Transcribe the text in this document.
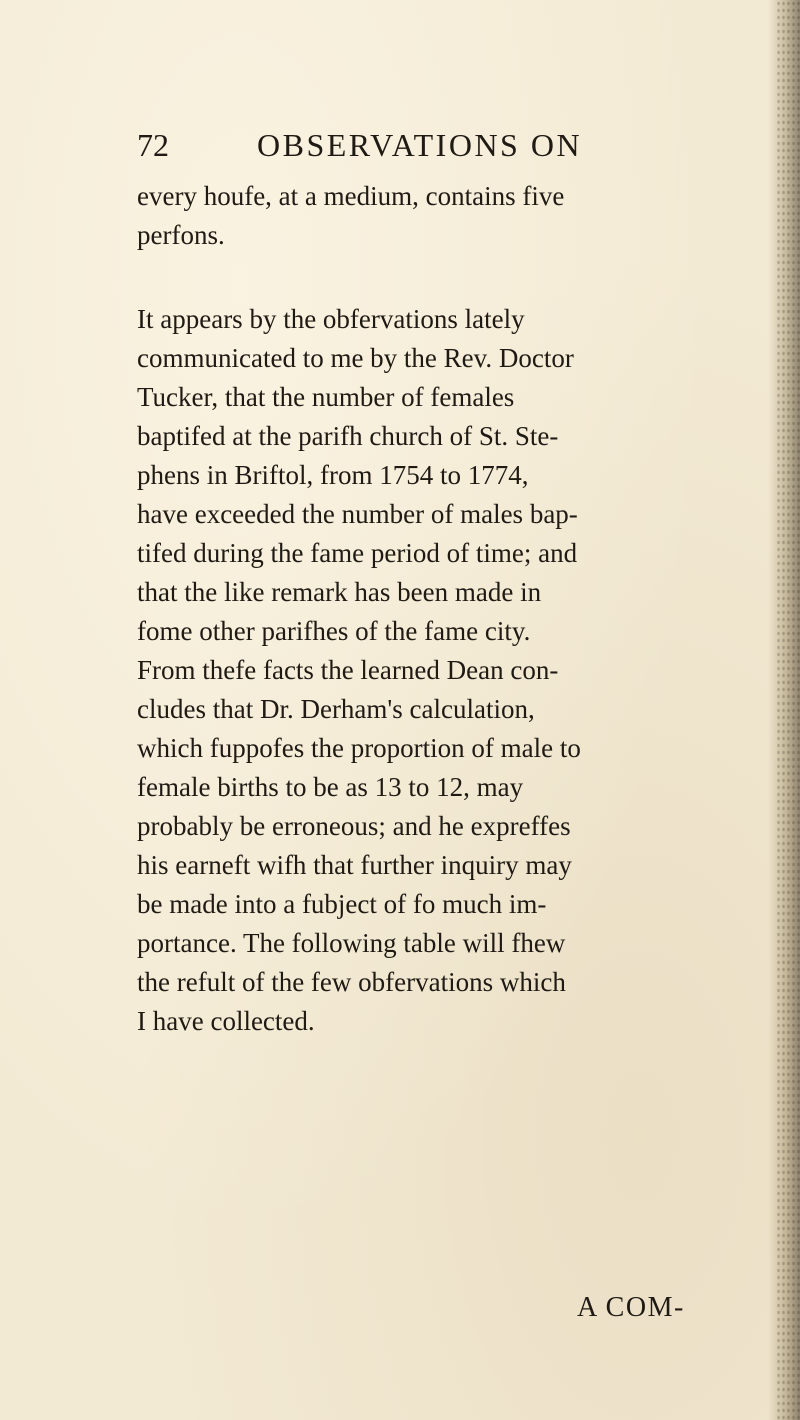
72	OBSERVATIONS ON
every houfe, at a medium, contains five
perfons.
It appears by the obfervations lately
communicated to me by the Rev. Doctor
Tucker, that the number of females
baptifed at the parifh church of St. Ste-
phens in Briftol, from 1754 to 1774,
have exceeded the number of males bap-
tifed during the fame period of time; and
that the like remark has been made in
fome other parifhes of the fame city.
From thefe facts the learned Dean con-
cludes that Dr. Derham's calculation,
which fuppofes the proportion of male to
female births to be as 13 to 12, may
probably be erroneous; and he expreffes
his earneft wifh that further inquiry may
be made into a fubject of fo much im-
portance. The following table will fhew
the refult of the few obfervations which
I have collected.
A COM-
